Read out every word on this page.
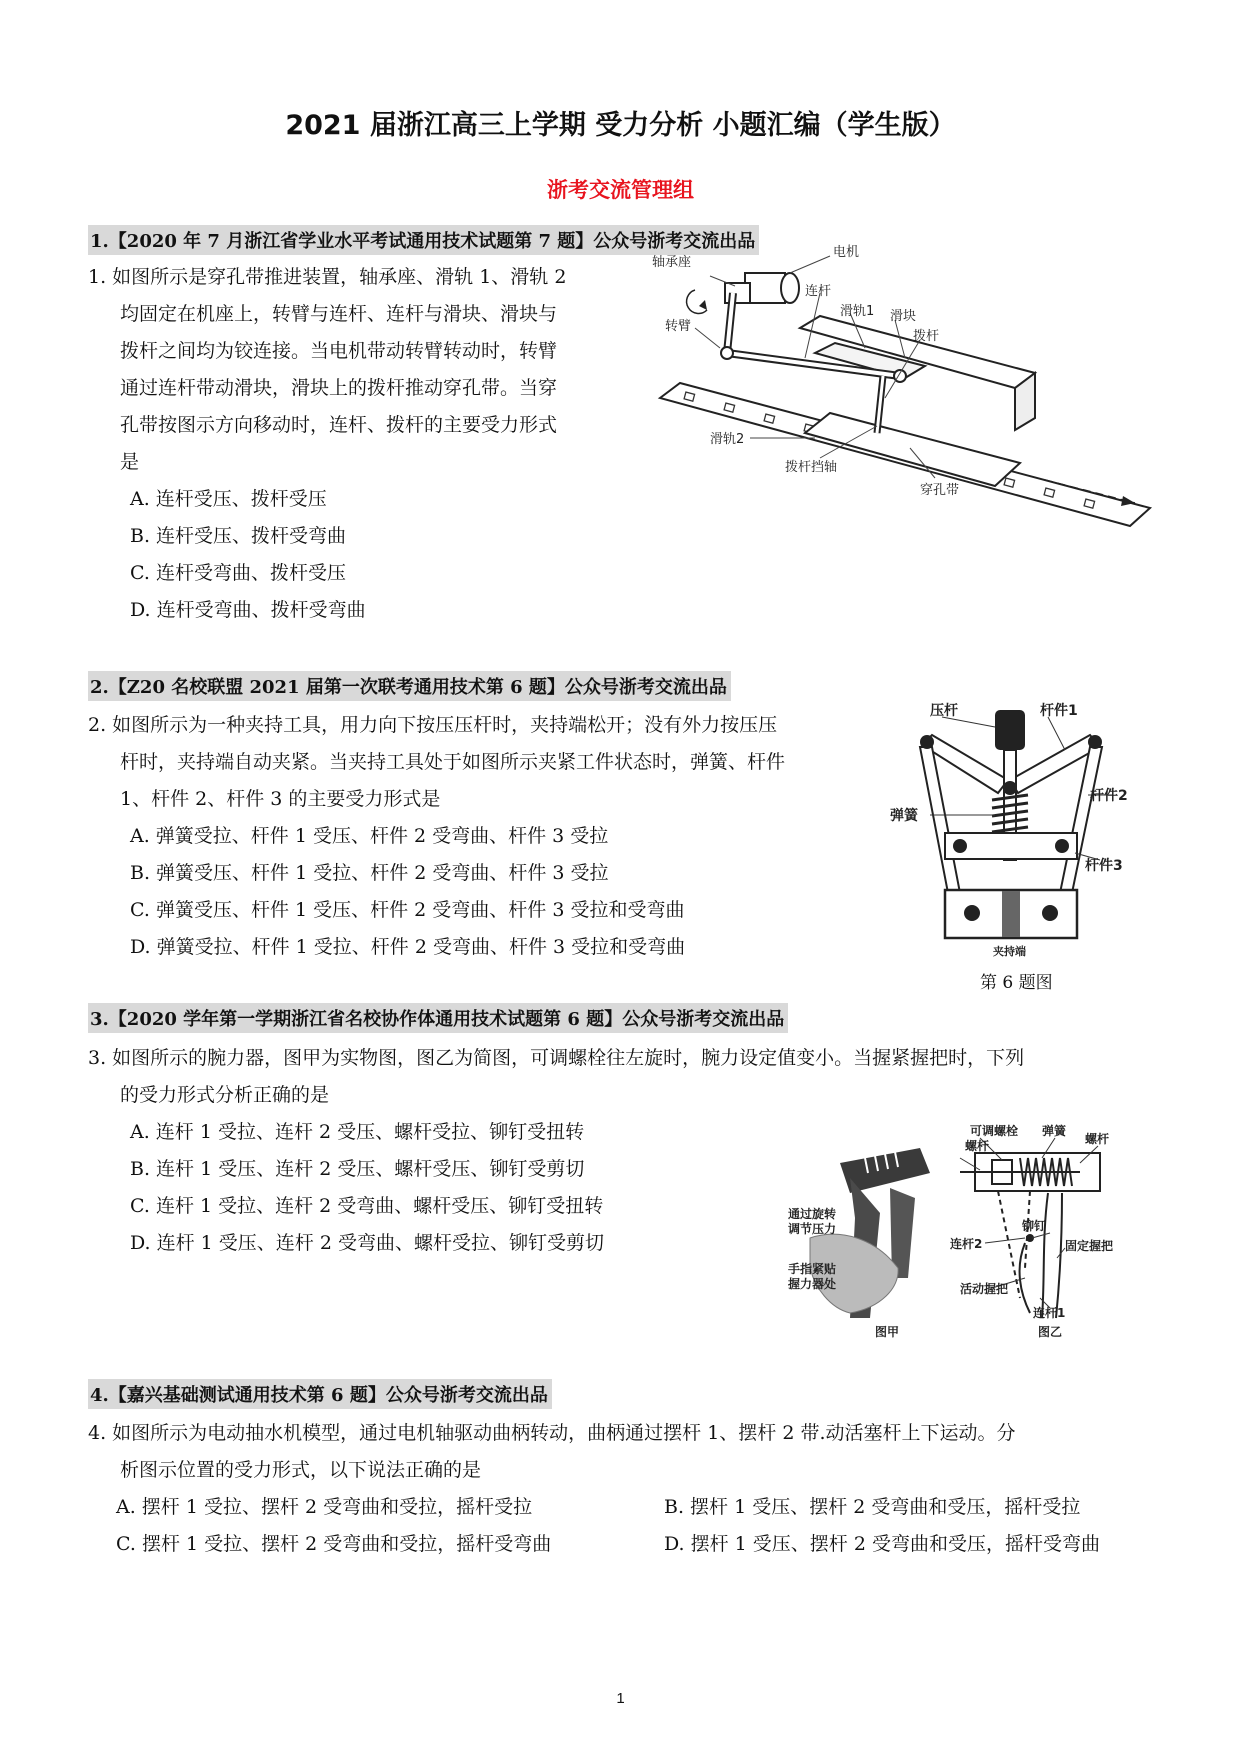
2021 届浙江高三上学期 受力分析 小题汇编（学生版）
浙考交流管理组
1.【2020 年 7 月浙江省学业水平考试通用技术试题第 7 题】公众号浙考交流出品
1. 如图所示是穿孔带推进装置，轴承座、滑轨 1、滑轨 2
均固定在机座上，转臂与连杆、连杆与滑块、滑块与
拨杆之间均为铰连接。当电机带动转臂转动时，转臂
通过连杆带动滑块，滑块上的拨杆推动穿孔带。当穿
孔带按图示方向移动时，连杆、拨杆的主要受力形式
是
A. 连杆受压、拨杆受压
B. 连杆受压、拨杆受弯曲
C. 连杆受弯曲、拨杆受压
D. 连杆受弯曲、拨杆受弯曲
轴承座
电机
连杆
滑轨1 滑块
拨杆
转臂
滑轨2
拨杆挡轴
穿孔带
2.【Z20 名校联盟 2021 届第一次联考通用技术第 6 题】公众号浙考交流出品
2. 如图所示为一种夹持工具，用力向下按压压杆时，夹持端松开；没有外力按压压
杆时，夹持端自动夹紧。当夹持工具处于如图所示夹紧工件状态时，弹簧、杆件
1、杆件 2、杆件 3 的主要受力形式是
A. 弹簧受拉、杆件 1 受压、杆件 2 受弯曲、杆件 3 受拉
B. 弹簧受压、杆件 1 受拉、杆件 2 受弯曲、杆件 3 受拉
C. 弹簧受压、杆件 1 受压、杆件 2 受弯曲、杆件 3 受拉和受弯曲
D. 弹簧受拉、杆件 1 受拉、杆件 2 受弯曲、杆件 3 受拉和受弯曲
压杆	杆件1
杆件2
弹簧
杆件3
夹持端
第 6 题图
3.【2020 学年第一学期浙江省名校协作体通用技术试题第 6 题】公众号浙考交流出品
3. 如图所示的腕力器，图甲为实物图，图乙为简图，可调螺栓往左旋时，腕力设定值变小。当握紧握把时，下列
的受力形式分析正确的是
A. 连杆 1 受拉、连杆 2 受压、螺杆受拉、铆钉受扭转
B. 连杆 1 受压、连杆 2 受压、螺杆受压、铆钉受剪切
C. 连杆 1 受拉、连杆 2 受弯曲、螺杆受压、铆钉受扭转
D. 连杆 1 受压、连杆 2 受弯曲、螺杆受拉、铆钉受剪切
可调螺栓
螺杆
弹簧
螺杆
通过旋转
调节压力
连杆2
铆钉
固定握把
手指紧贴
握力器处	活动握把
连杆1
图甲	图乙
4.【嘉兴基础测试通用技术第 6 题】公众号浙考交流出品
4. 如图所示为电动抽水机模型，通过电机轴驱动曲柄转动，曲柄通过摆杆 1、摆杆 2 带.动活塞杆上下运动。分
析图示位置的受力形式，以下说法正确的是
A. 摆杆 1 受拉、摆杆 2 受弯曲和受拉，摇杆受拉	B. 摆杆 1 受压、摆杆 2 受弯曲和受压，摇杆受拉
C. 摆杆 1 受拉、摆杆 2 受弯曲和受拉，摇杆受弯曲	D. 摆杆 1 受压、摆杆 2 受弯曲和受压，摇杆受弯曲
1
